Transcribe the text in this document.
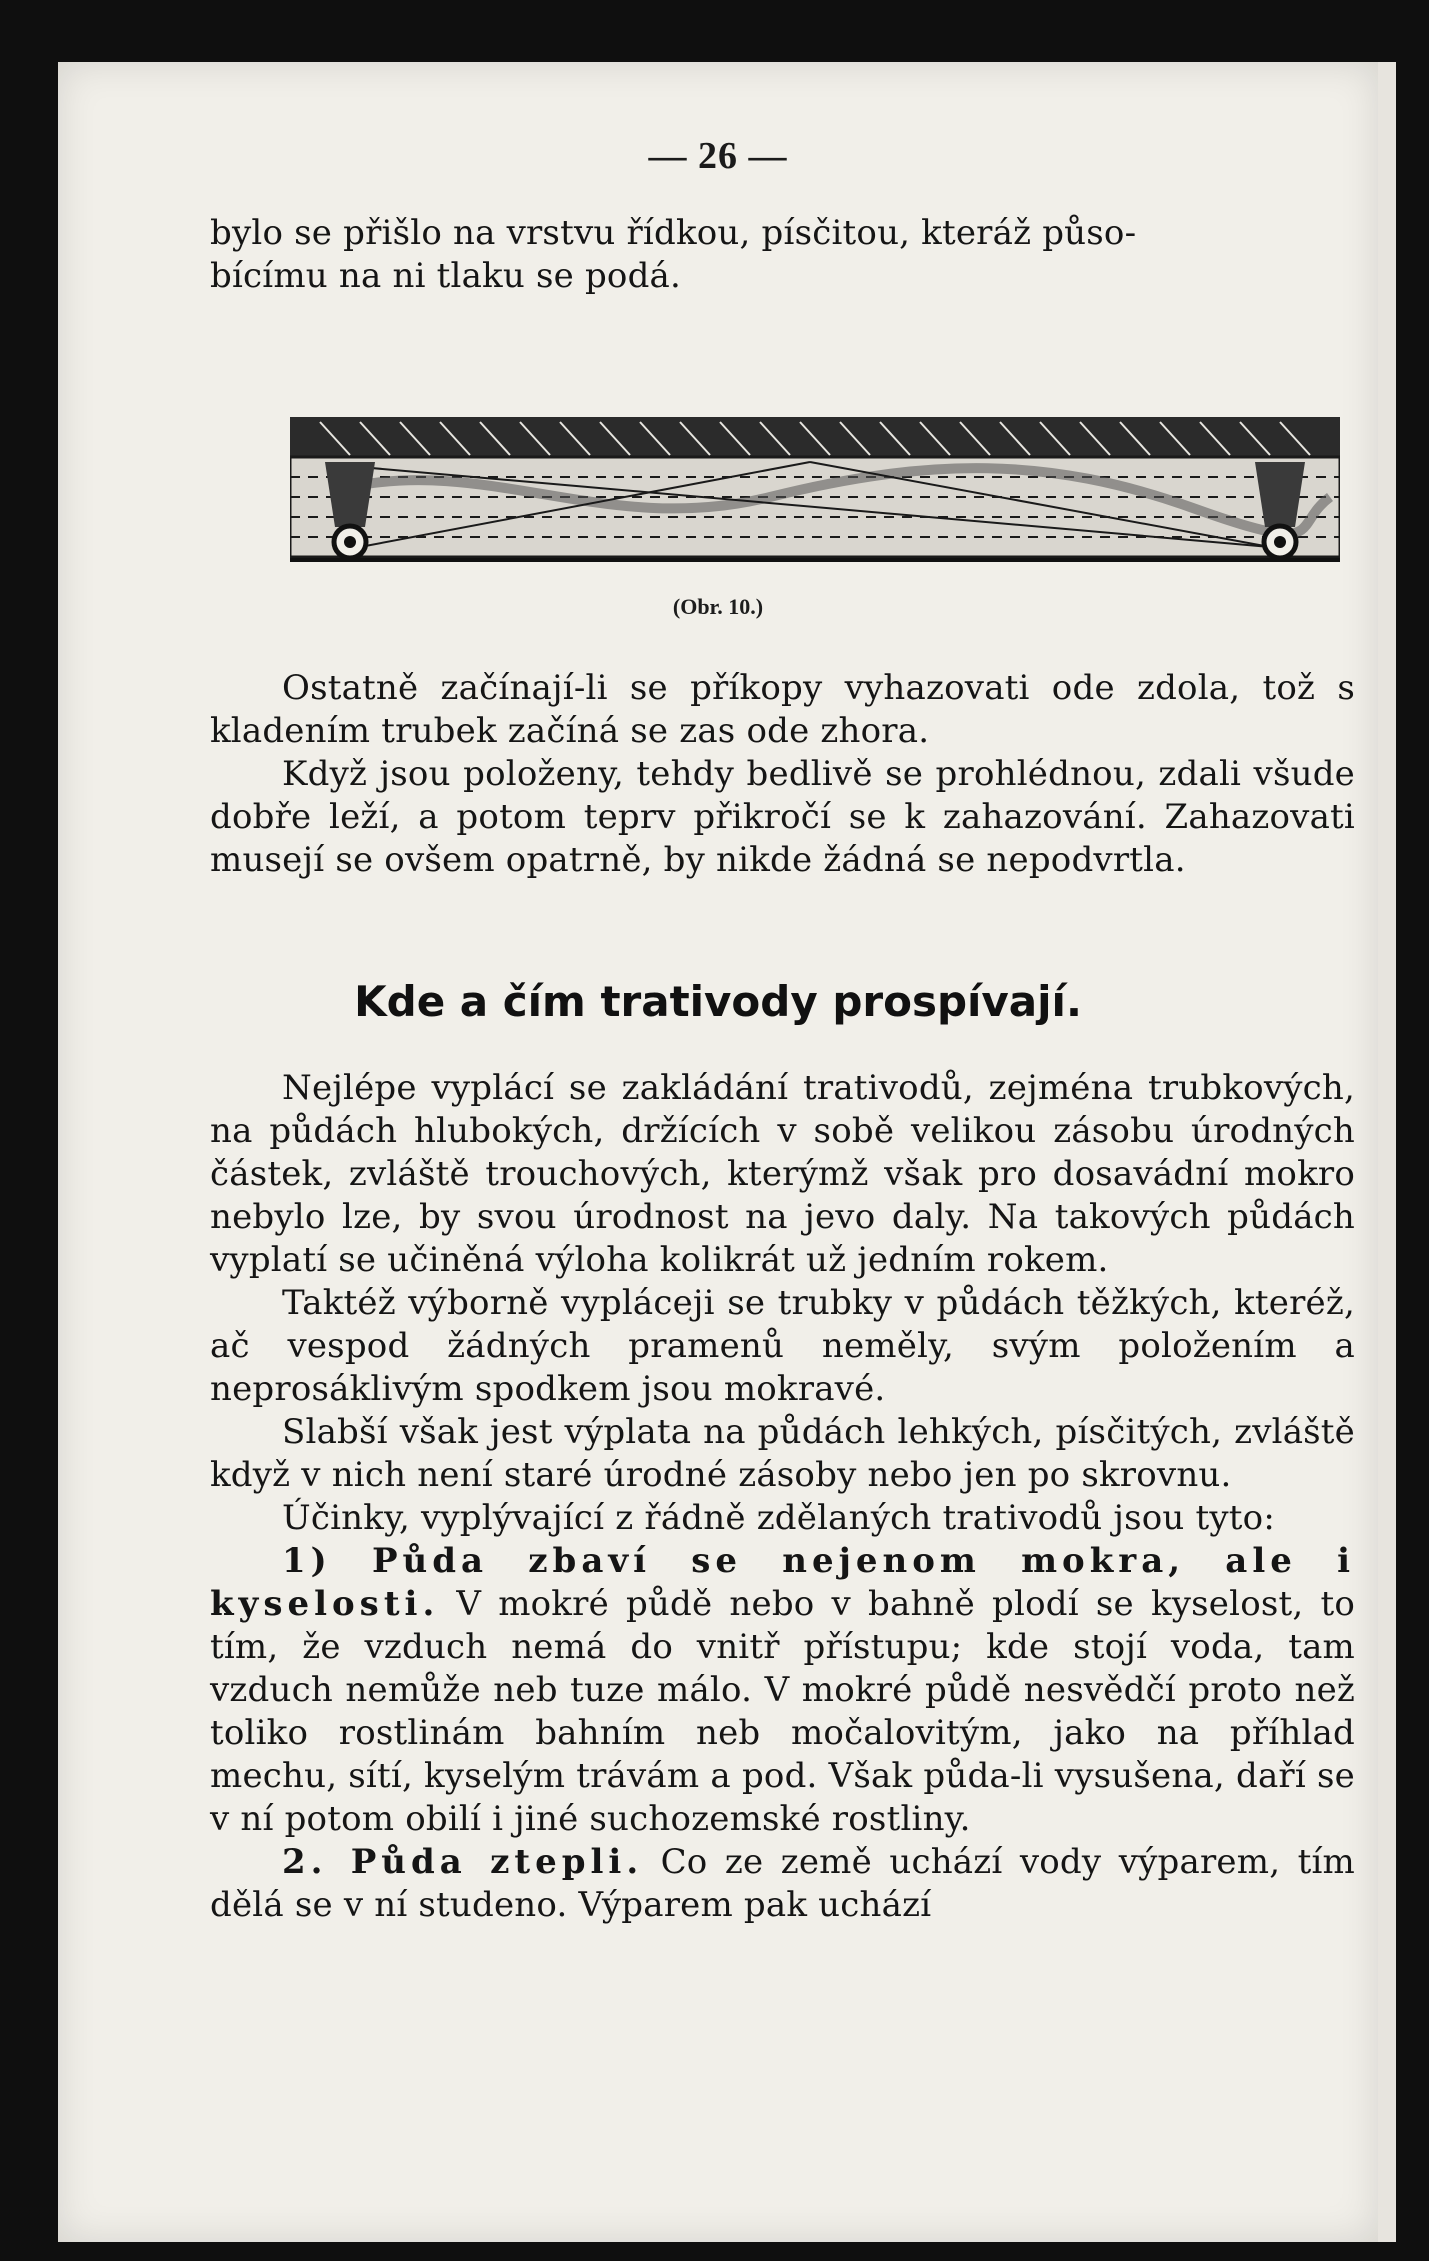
— 26 —

bylo se přišlo na vrstvu řídkou, písčitou, kteráž půso-

bícímu na ni tlaku se podá.

(Obr. 10.)

Ostatně začínají-li se příkopy vyhazovati ode zdola, tož s kladením trubek začíná se zas ode zhora.

Když jsou položeny, tehdy bedlivě se prohlédnou, zdali všude dobře leží, a potom teprv přikročí se k zahazování. Zahazovati musejí se ovšem opatrně, by nikde žádná se nepodvrtla.

Kde a čím trativody prospívají.

Nejlépe vyplácí se zakládání trativodů, zejména trubkových, na půdách hlubokých, držících v sobě velikou zásobu úrodných částek, zvláště trouchových, kterýmž však pro dosavádní mokro nebylo lze, by svou úrodnost na jevo daly. Na takových půdách vyplatí se učiněná výloha kolikrát už jedním rokem.

Taktéž výborně vypláceji se trubky v půdách těžkých, kteréž, ač vespod žádných pramenů neměly, svým položením a neprosáklivým spodkem jsou mokravé.

Slabší však jest výplata na půdách lehkých, písčitých, zvláště když v nich není staré úrodné zásoby nebo jen po skrovnu.

Účinky, vyplývající z řádně zdělaných trativodů jsou tyto:

1) Půda zbaví se nejenom mokra, ale i kyselosti. V mokré půdě nebo v bahně plodí se kyselost, to tím, že vzduch nemá do vnitř přístupu; kde stojí voda, tam vzduch nemůže neb tuze málo. V mokré půdě nesvědčí proto než toliko rostlinám bahním neb močalovitým, jako na příhlad mechu, sítí, kyselým trávám a pod. Však půda-li vysušena, daří se v ní potom obilí i jiné suchozemské rostliny.

2. Půda ztepli. Co ze země uchází vody výparem, tím dělá se v ní studeno. Výparem pak uchází
